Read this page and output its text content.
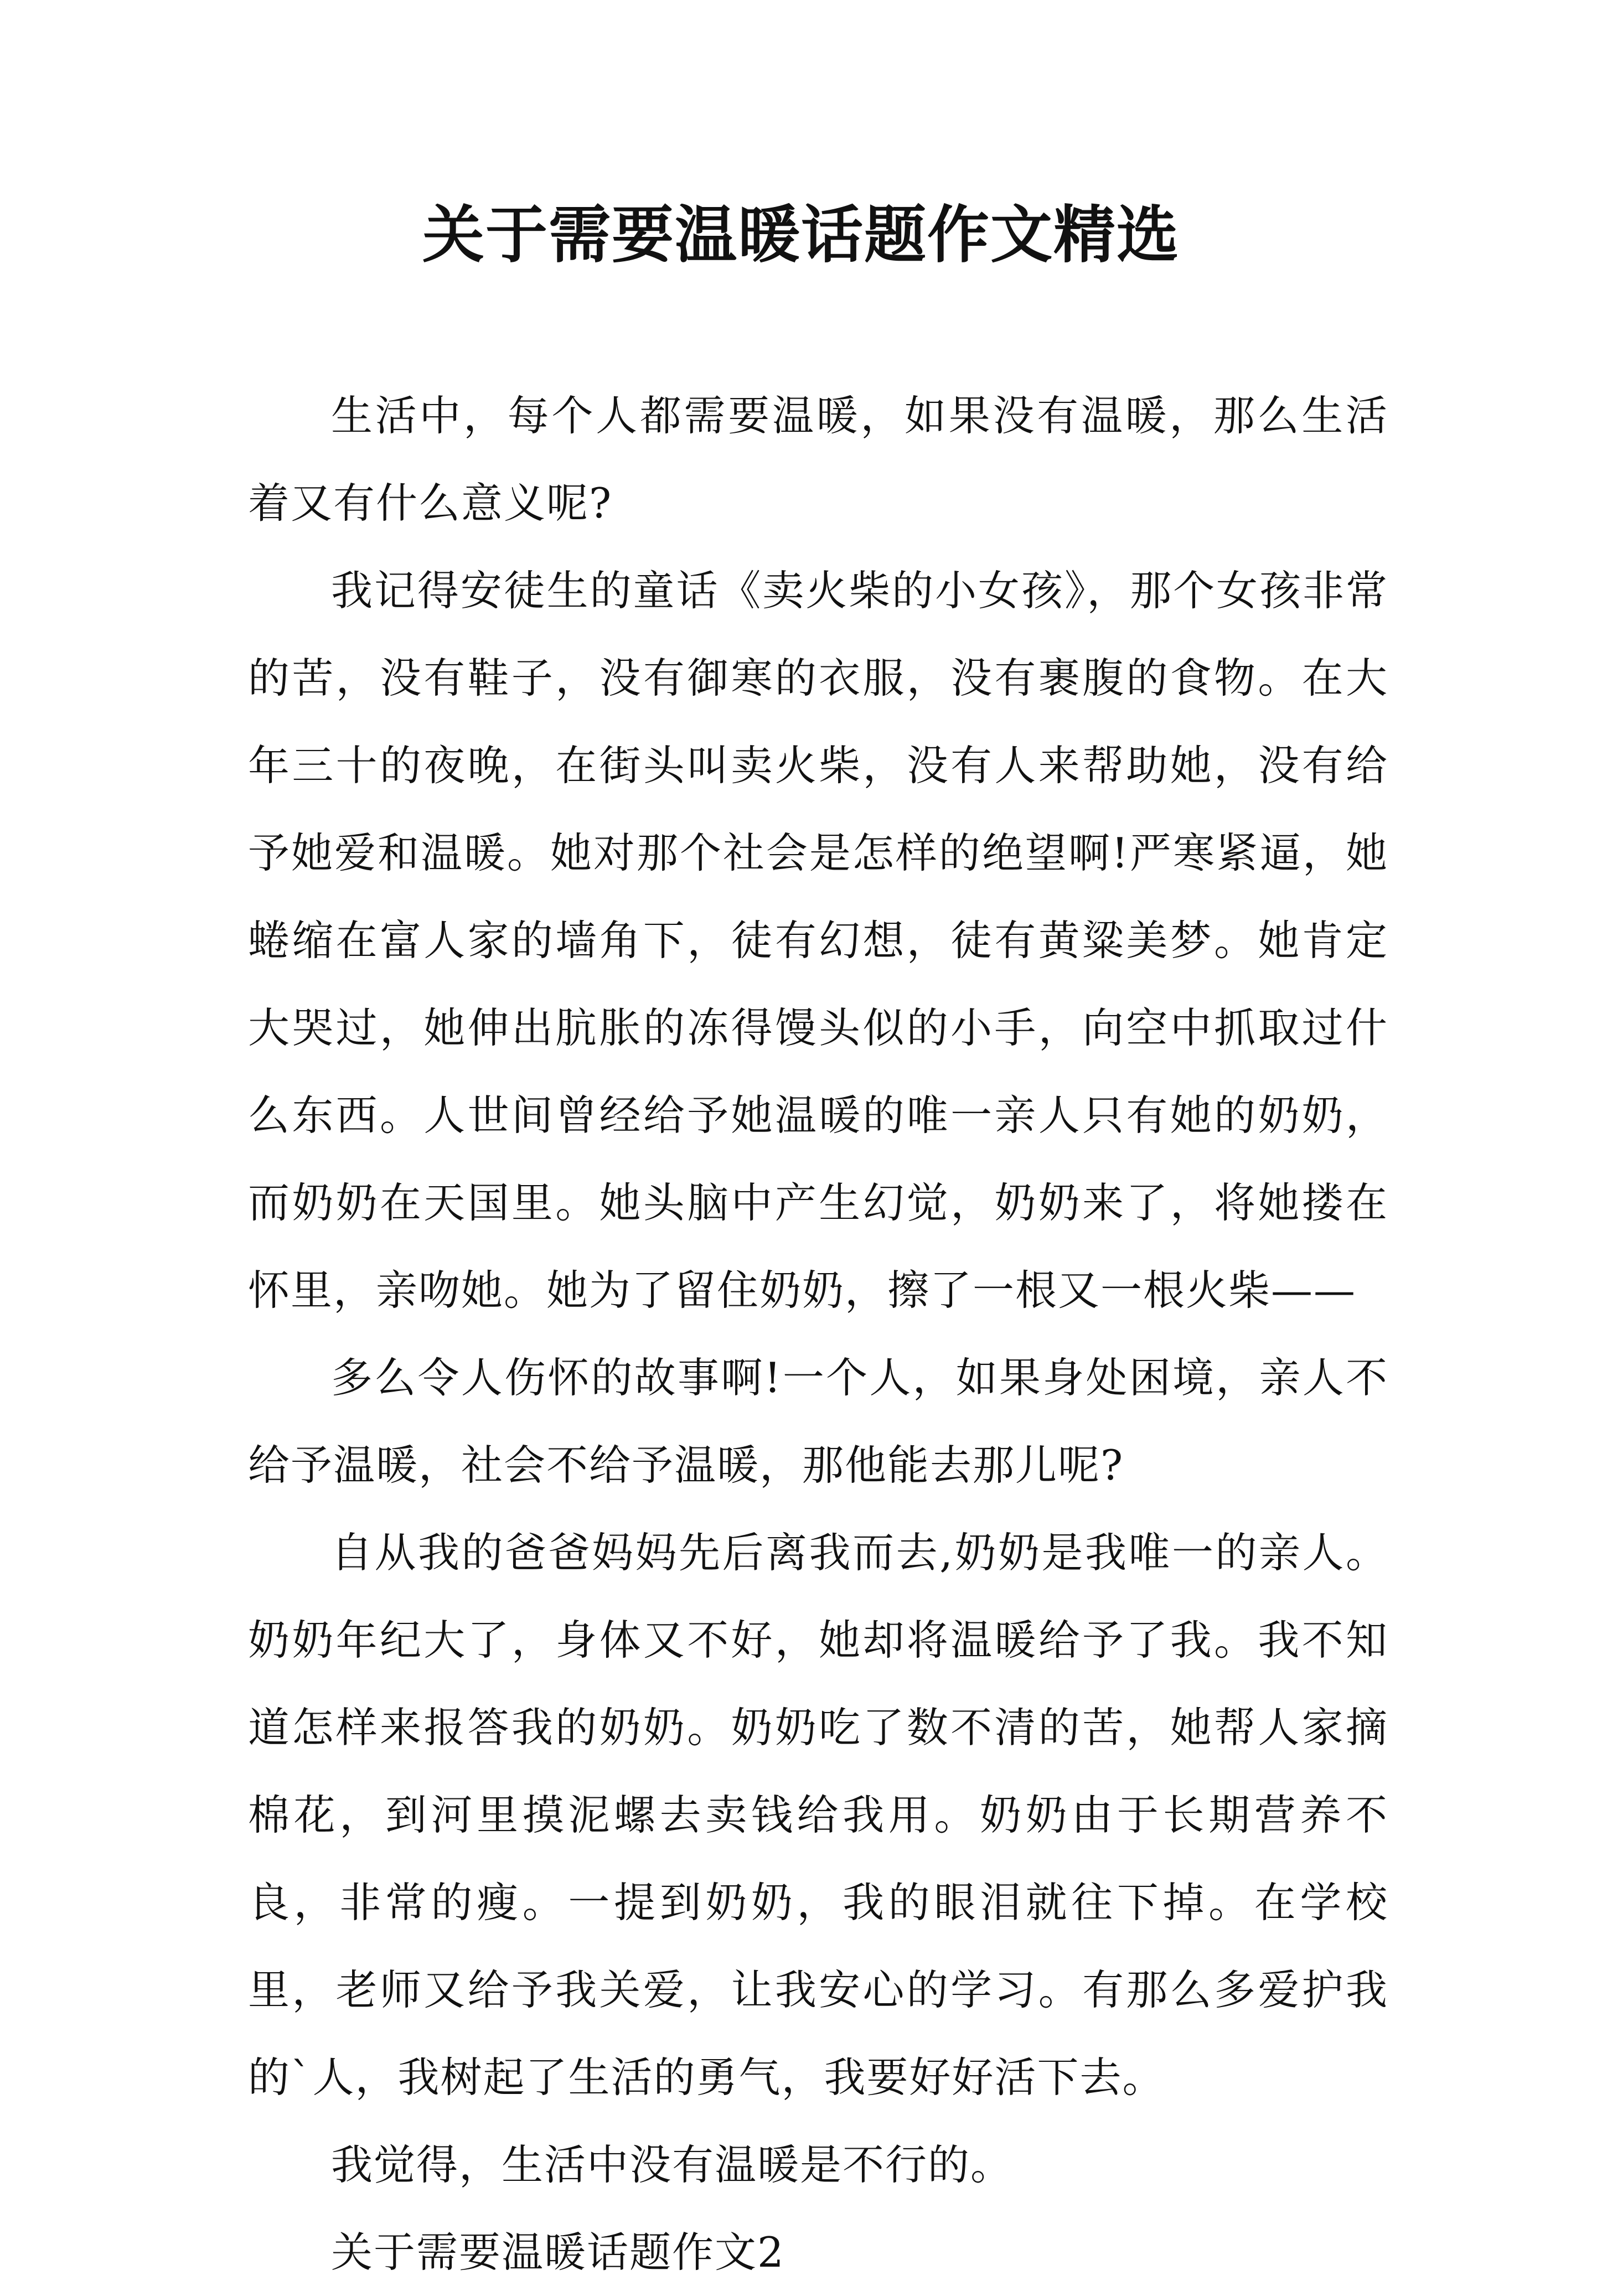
关于需要温暖话题作文精选

生活中，每个人都需要温暖，如果没有温暖，那么生活着又有什么意义呢?

我记得安徒生的童话《卖火柴的小女孩》，那个女孩非常的苦，没有鞋子，没有御寒的衣服，没有裹腹的食物。在大年三十的夜晚，在街头叫卖火柴，没有人来帮助她，没有给予她爱和温暖。她对那个社会是怎样的绝望啊!严寒紧逼，她蜷缩在富人家的墙角下，徒有幻想，徒有黄粱美梦。她肯定大哭过，她伸出肮胀的冻得馒头似的小手，向空中抓取过什么东西。人世间曾经给予她温暖的唯一亲人只有她的奶奶，而奶奶在天国里。她头脑中产生幻觉，奶奶来了，将她搂在怀里，亲吻她。她为了留住奶奶，擦了一根又一根火柴——

多么令人伤怀的故事啊!一个人，如果身处困境，亲人不给予温暖，社会不给予温暖，那他能去那儿呢?

自从我的爸爸妈妈先后离我而去,奶奶是我唯一的亲人。奶奶年纪大了，身体又不好，她却将温暖给予了我。我不知道怎样来报答我的奶奶。奶奶吃了数不清的苦，她帮人家摘棉花，到河里摸泥螺去卖钱给我用。奶奶由于长期营养不良，非常的瘦。一提到奶奶，我的眼泪就往下掉。在学校里，老师又给予我关爱，让我安心的学习。有那么多爱护我的`人，我树起了生活的勇气，我要好好活下去。

我觉得，生活中没有温暖是不行的。

关于需要温暖话题作文2
